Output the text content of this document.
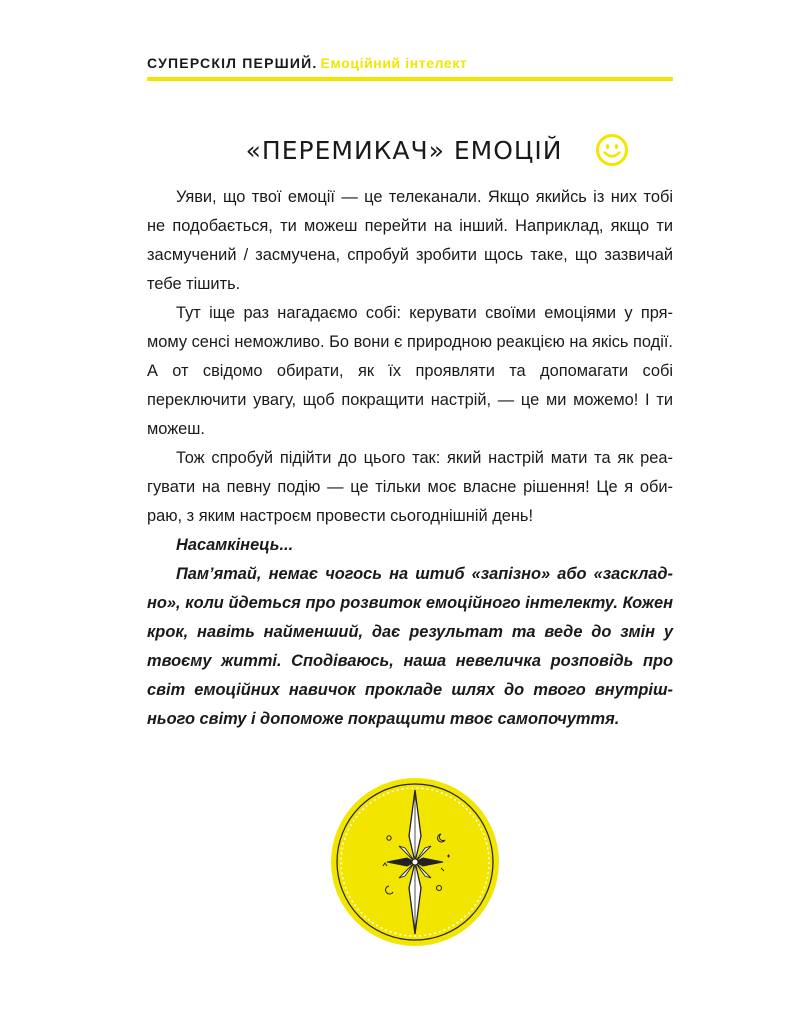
СУПЕРСКІЛ ПЕРШИЙ. Емоційний інтелект
«ПЕРЕМИКАЧ» ЕМОЦІЙ

Уяви, що твої емоції — це телеканали. Якщо якийсь із них тобі не подобається, ти можеш перейти на інший. Наприклад, якщо ти засмучений / засмучена, спробуй зробити щось таке, що зазвичай тебе тішить.

Тут іще раз нагадаємо собі: керувати своїми емоціями у прямому сенсі неможливо. Бо вони є природною реакцією на якісь події. А от свідомо обирати, як їх проявляти та допомагати собі переключити увагу, щоб покращити настрій, — це ми можемо! І ти можеш.

Тож спробуй підійти до цього так: який настрій мати та як реагувати на певну подію — це тільки моє власне рішення! Це я обираю, з яким настроєм провести сьогоднішній день!

Насамкінець...

Пам’ятай, немає чогось на штиб «запізно» або «заскладно», коли йдеться про розвиток емоційного інтелекту. Кожен крок, навіть найменший, дає результат та веде до змін у твоєму житті. Сподіваюсь, наша невеличка розповідь про світ емоційних навичок прокладе шлях до твого внутрішнього світу і допоможе покращити твоє самопочуття.
